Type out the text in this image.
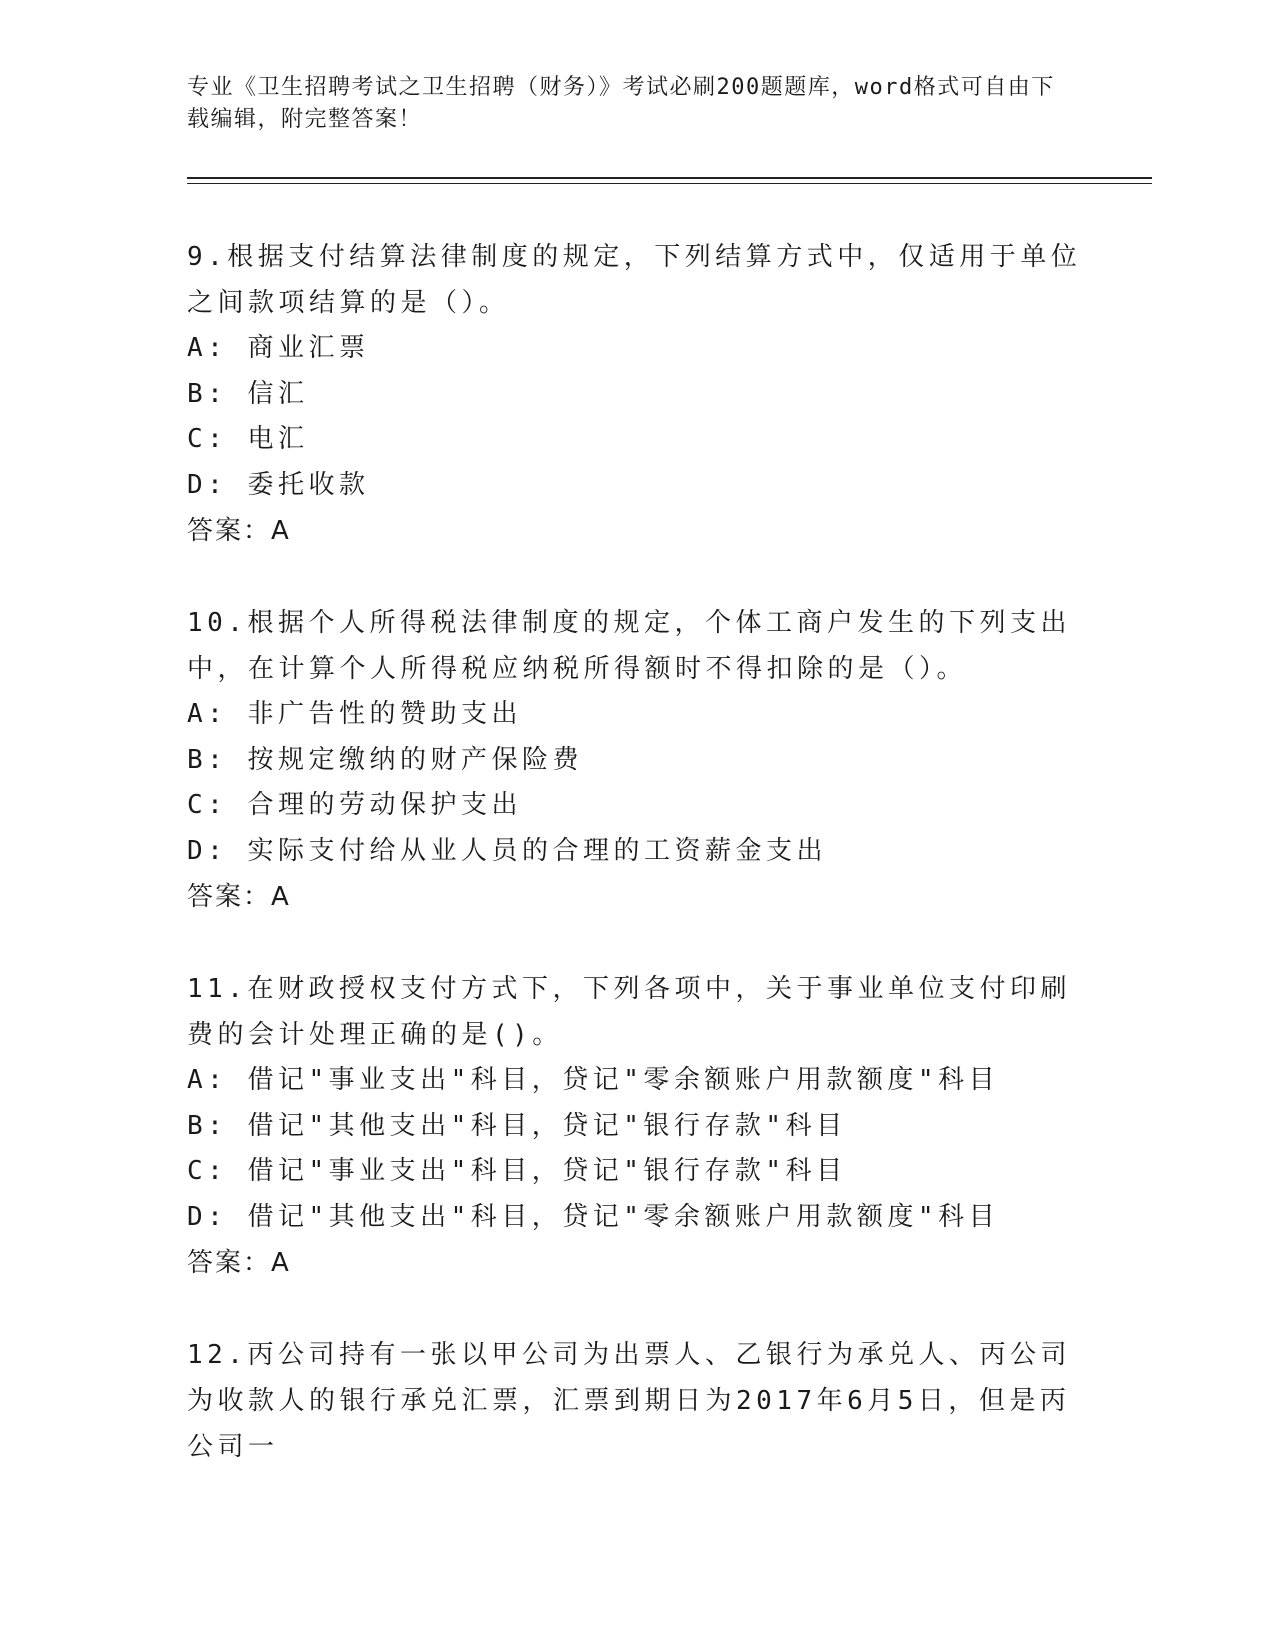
专业《卫生招聘考试之卫生招聘（财务）》考试必刷200题题库，word格式可自由下载编辑，附完整答案！
9.根据支付结算法律制度的规定，下列结算方式中，仅适用于单位之间款项结算的是（）。
A: 商业汇票
B: 信汇
C: 电汇
D: 委托收款
答案：A
10.根据个人所得税法律制度的规定，个体工商户发生的下列支出中，在计算个人所得税应纳税所得额时不得扣除的是（）。
A: 非广告性的赞助支出
B: 按规定缴纳的财产保险费
C: 合理的劳动保护支出
D: 实际支付给从业人员的合理的工资薪金支出
答案：A
11.在财政授权支付方式下，下列各项中，关于事业单位支付印刷费的会计处理正确的是()。
A: 借记"事业支出"科目，贷记"零余额账户用款额度"科目
B: 借记"其他支出"科目，贷记"银行存款"科目
C: 借记"事业支出"科目，贷记"银行存款"科目
D: 借记"其他支出"科目，贷记"零余额账户用款额度"科目
答案：A
12.丙公司持有一张以甲公司为出票人、乙银行为承兑人、丙公司为收款人的银行承兑汇票，汇票到期日为2017年6月5日，但是丙公司一
